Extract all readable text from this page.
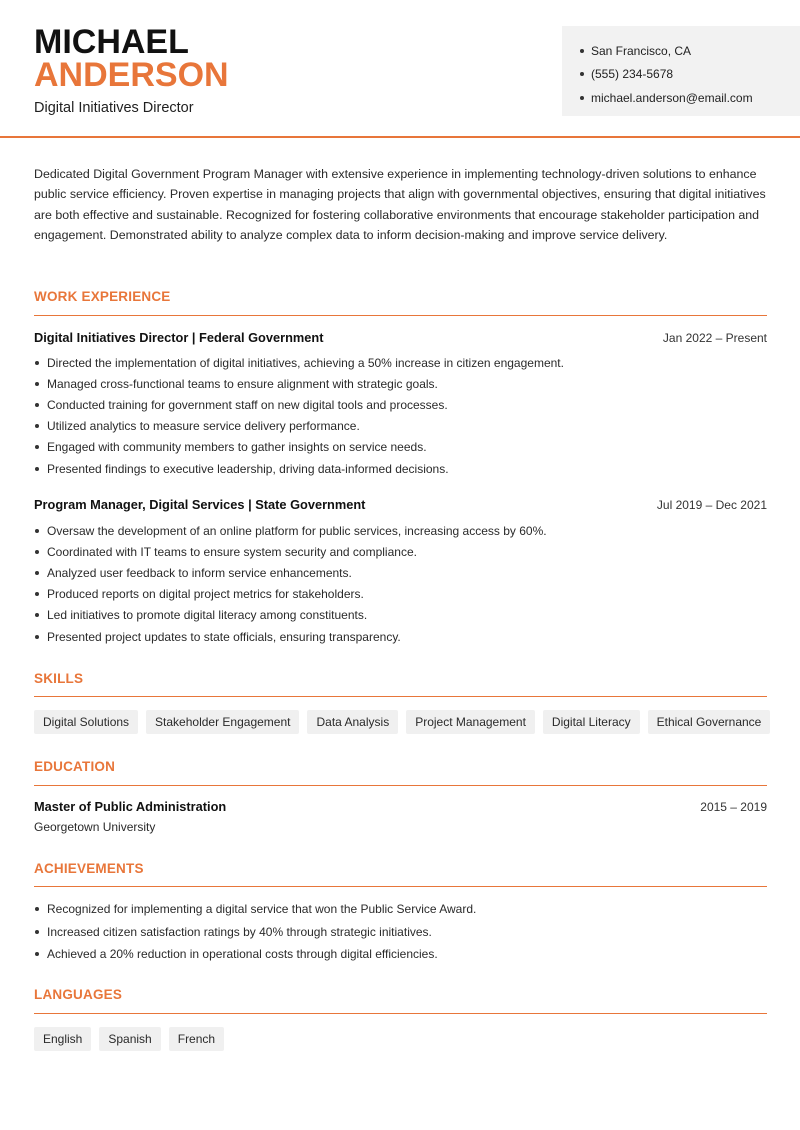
MICHAEL
ANDERSON
Digital Initiatives Director
San Francisco, CA
(555) 234-5678
michael.anderson@email.com

Dedicated Digital Government Program Manager with extensive experience in implementing technology-driven solutions to enhance public service efficiency. Proven expertise in managing projects that align with governmental objectives, ensuring that digital initiatives are both effective and sustainable. Recognized for fostering collaborative environments that encourage stakeholder participation and engagement. Demonstrated ability to analyze complex data to inform decision-making and improve service delivery.

WORK EXPERIENCE
Digital Initiatives Director | Federal Government	Jan 2022 – Present
Directed the implementation of digital initiatives, achieving a 50% increase in citizen engagement.
Managed cross-functional teams to ensure alignment with strategic goals.
Conducted training for government staff on new digital tools and processes.
Utilized analytics to measure service delivery performance.
Engaged with community members to gather insights on service needs.
Presented findings to executive leadership, driving data-informed decisions.
Program Manager, Digital Services | State Government	Jul 2019 – Dec 2021
Oversaw the development of an online platform for public services, increasing access by 60%.
Coordinated with IT teams to ensure system security and compliance.
Analyzed user feedback to inform service enhancements.
Produced reports on digital project metrics for stakeholders.
Led initiatives to promote digital literacy among constituents.
Presented project updates to state officials, ensuring transparency.
SKILLS
Digital Solutions	Stakeholder Engagement	Data Analysis	Project Management	Digital Literacy	Ethical Governance
EDUCATION
Master of Public Administration	2015 – 2019
Georgetown University
ACHIEVEMENTS
Recognized for implementing a digital service that won the Public Service Award.
Increased citizen satisfaction ratings by 40% through strategic initiatives.
Achieved a 20% reduction in operational costs through digital efficiencies.
LANGUAGES
English	Spanish	French
